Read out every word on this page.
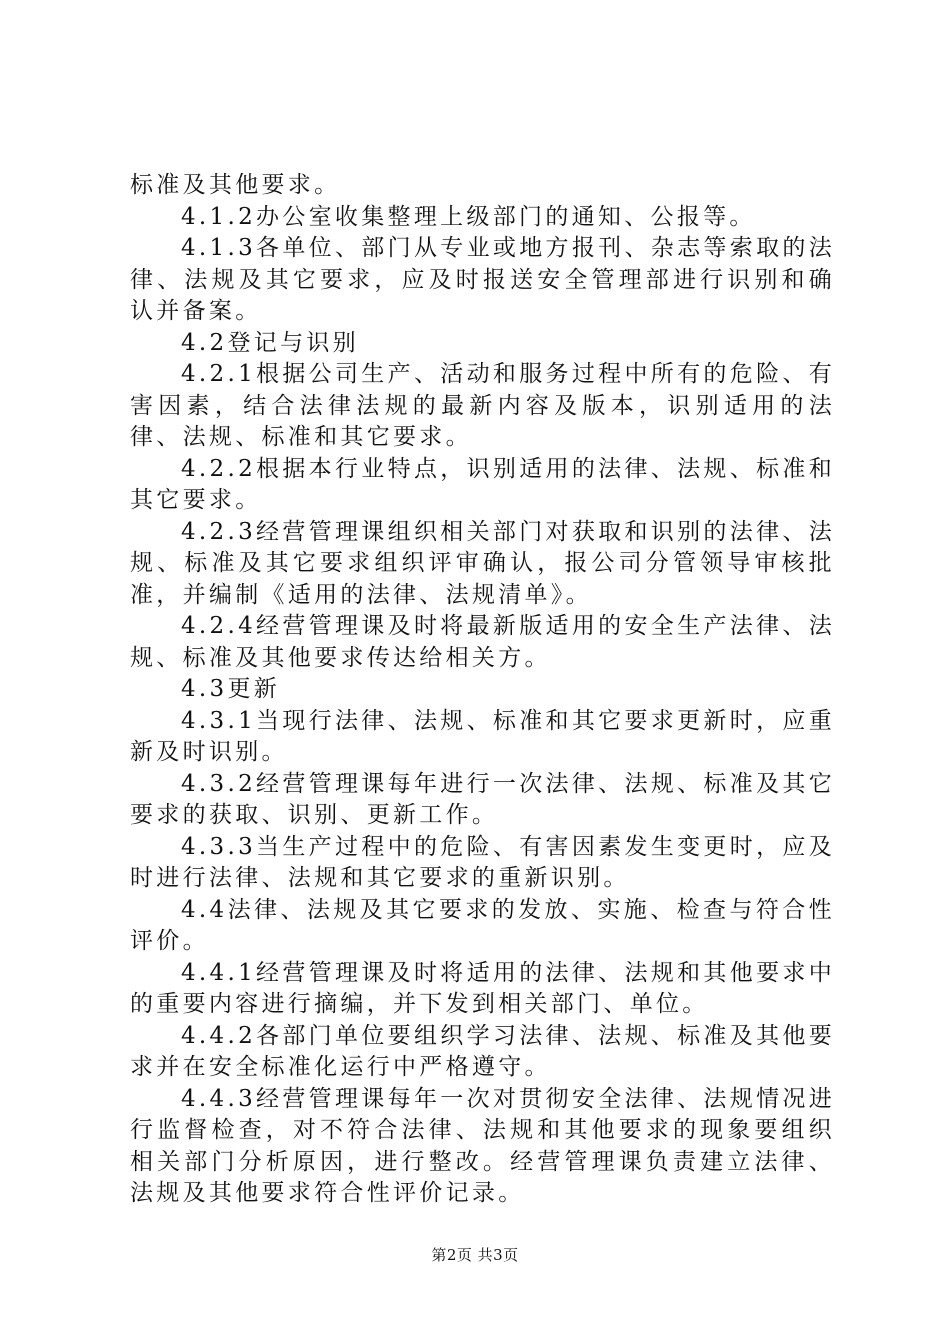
标准及其他要求。

4.1.2办公室收集整理上级部门的通知、公报等。

4.1.3各单位、部门从专业或地方报刊、杂志等索取的法律、法规及其它要求，应及时报送安全管理部进行识别和确认并备案。

4.2登记与识别

4.2.1根据公司生产、活动和服务过程中所有的危险、有害因素，结合法律法规的最新内容及版本，识别适用的法律、法规、标准和其它要求。

4.2.2根据本行业特点，识别适用的法律、法规、标准和其它要求。

4.2.3经营管理课组织相关部门对获取和识别的法律、法规、标准及其它要求组织评审确认，报公司分管领导审核批准，并编制《适用的法律、法规清单》。

4.2.4经营管理课及时将最新版适用的安全生产法律、法规、标准及其他要求传达给相关方。

4.3更新

4.3.1当现行法律、法规、标准和其它要求更新时，应重新及时识别。

4.3.2经营管理课每年进行一次法律、法规、标准及其它要求的获取、识别、更新工作。

4.3.3当生产过程中的危险、有害因素发生变更时，应及时进行法律、法规和其它要求的重新识别。

4.4法律、法规及其它要求的发放、实施、检查与符合性评价。

4.4.1经营管理课及时将适用的法律、法规和其他要求中的重要内容进行摘编，并下发到相关部门、单位。

4.4.2各部门单位要组织学习法律、法规、标准及其他要求并在安全标准化运行中严格遵守。

4.4.3经营管理课每年一次对贯彻安全法律、法规情况进行监督检查，对不符合法律、法规和其他要求的现象要组织相关部门分析原因，进行整改。经营管理课负责建立法律、法规及其他要求符合性评价记录。

第2页 共3页
